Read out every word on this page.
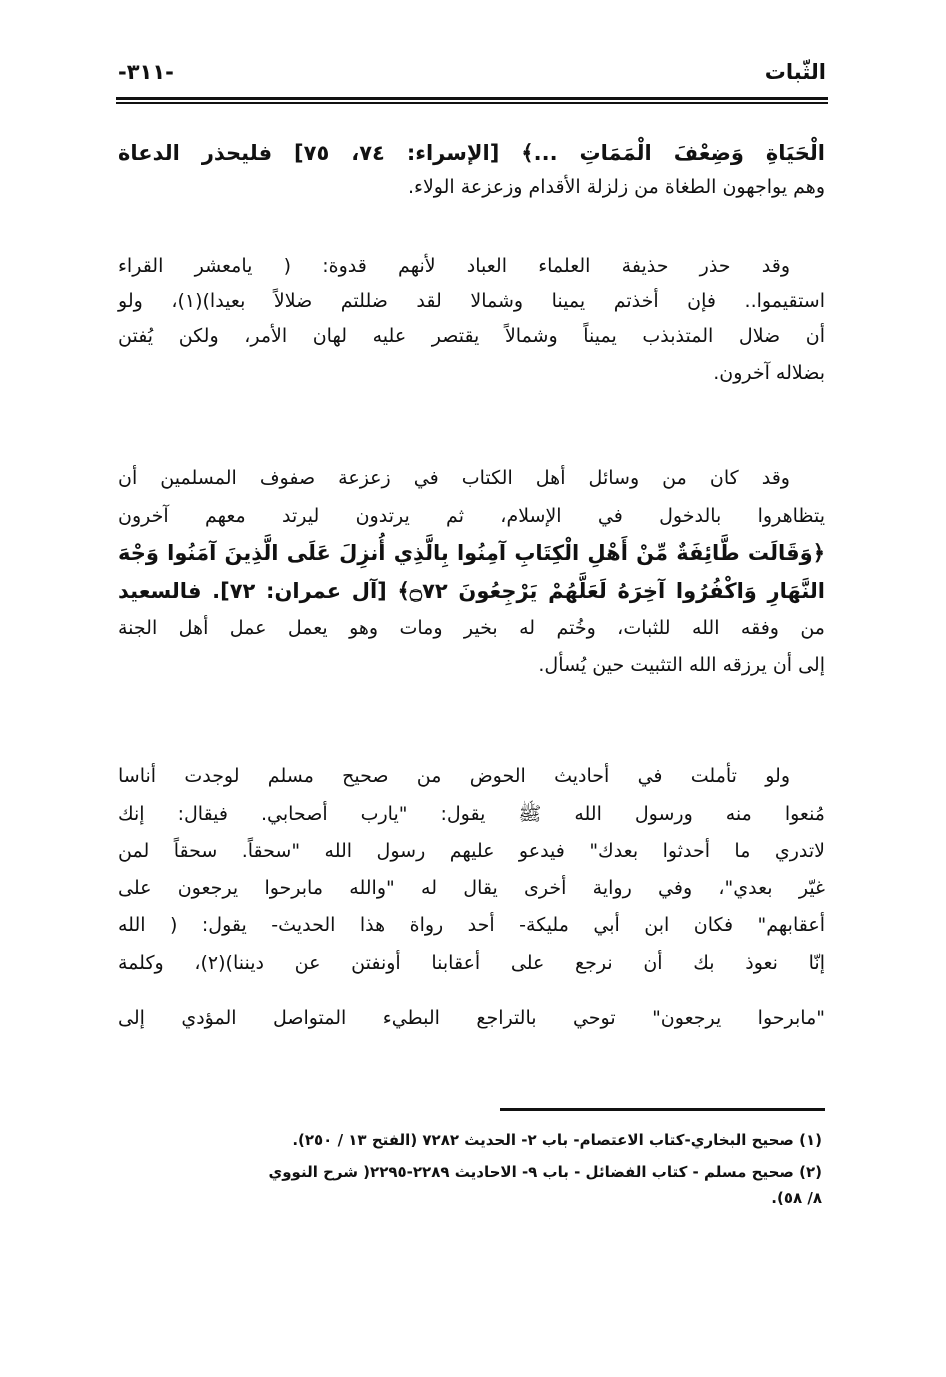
الثّبات
-٣١١-
الْحَيَاةِ وَضِعْفَ الْمَمَاتِ ...﴾ [الإسراء: ٧٤، ٧٥] فليحذر الدعاة
وهم يواجهون الطغاة من زلزلة الأقدام وزعزعة الولاء.
وقد حذر حذيفة العلماء العباد لأنهم قدوة: ( يامعشر القراء
استقيموا.. فإن أخذتم يمينا وشمالا لقد ضللتم ضلالاً بعيدا)(١)، ولو
أن ضلال المتذبذب يميناً وشمالاً يقتصر عليه لهان الأمر، ولكن يُفتن
بضلاله آخرون.
وقد كان من وسائل أهل الكتاب في زعزعة صفوف المسلمين أن
يتظاهروا بالدخول في الإسلام، ثم يرتدون ليرتد معهم آخرون
﴿وَقَالَت طَّائِفَةٌ مِّنْ أَهْلِ الْكِتَابِ آمِنُوا بِالَّذِي أُنزِلَ عَلَى الَّذِينَ آمَنُوا وَجْهَ
النَّهَارِ وَاكْفُرُوا آخِرَهُ لَعَلَّهُمْ يَرْجِعُونَ ۝٧٢﴾ [آل عمران: ٧٢]. فالسعيد
من وفقه الله للثبات، وخُتم له بخير ومات وهو يعمل عمل أهل الجنة
إلى أن يرزقه الله التثبيت حين يُسأل.
ولو تأملت في أحاديث الحوض من صحيح مسلم لوجدت أناسا
مُنعوا منه ورسول الله ﷺ يقول: "يارب أصحابي. فيقال: إنك
لاتدري ما أحدثوا بعدك" فيدعو عليهم رسول الله "سحقاً. سحقاً لمن
غيّر بعدي"، وفي رواية أخرى يقال له "والله مابرحوا يرجعون على
أعقابهم" فكان ابن أبي مليكة- أحد رواة هذا الحديث- يقول: ( الله
إنّا نعوذ بك أن نرجع على أعقابنا أونفتن عن ديننا)(٢)، وكلمة
"مابرحوا يرجعون" توحي بالتراجع البطيء المتواصل المؤدي إلى
(١) صحيح البخاري-كتاب الاعتصام- باب ٢- الحديث ٧٢٨٢ (الفتح ١٣ / ٢٥٠).
(٢) صحيح مسلم - كتاب الفضائل - باب ٩- الاحاديث ٢٢٨٩-٢٢٩٥( شرح النووي
٨/ ٥٨).
